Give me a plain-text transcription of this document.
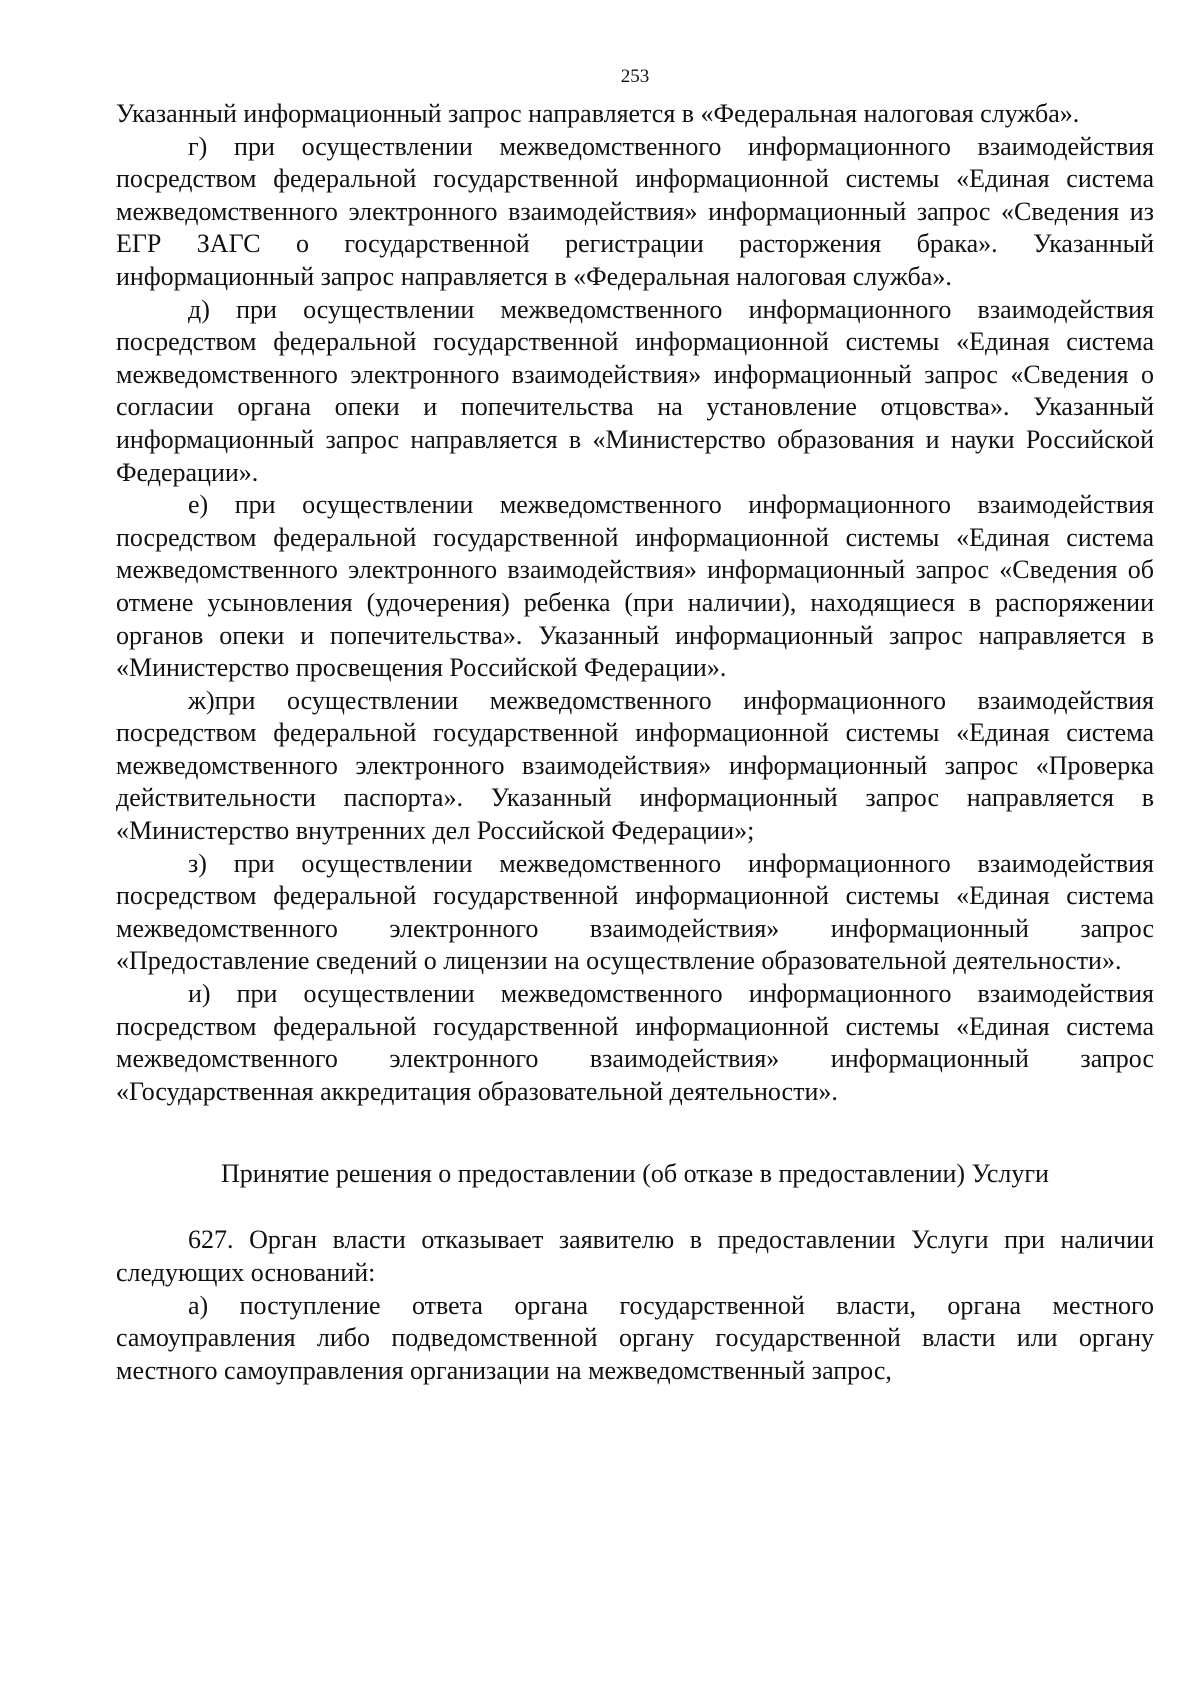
253

Указанный информационный запрос направляется в «Федеральная налоговая служба».

г) при осуществлении межведомственного информационного взаимодействия посредством федеральной государственной информационной системы «Единая система межведомственного электронного взаимодействия» информационный запрос «Сведения из ЕГР ЗАГС о государственной регистрации расторжения брака». Указанный информационный запрос направляется в «Федеральная налоговая служба».

д) при осуществлении межведомственного информационного взаимодействия посредством федеральной государственной информационной системы «Единая система межведомственного электронного взаимодействия» информационный запрос «Сведения о согласии органа опеки и попечительства на установление отцовства». Указанный информационный запрос направляется в «Министерство образования и науки Российской Федерации».

е) при осуществлении межведомственного информационного взаимодействия посредством федеральной государственной информационной системы «Единая система межведомственного электронного взаимодействия» информационный запрос «Сведения об отмене усыновления (удочерения) ребенка (при наличии), находящиеся в распоряжении органов опеки и попечительства». Указанный информационный запрос направляется в «Министерство просвещения Российской Федерации».

ж)при осуществлении межведомственного информационного взаимодействия посредством федеральной государственной информационной системы «Единая система межведомственного электронного взаимодействия» информационный запрос «Проверка действительности паспорта». Указанный информационный запрос направляется в «Министерство внутренних дел Российской Федерации»;

з) при осуществлении межведомственного информационного взаимодействия посредством федеральной государственной информационной системы «Единая система межведомственного электронного взаимодействия» информационный запрос «Предоставление сведений о лицензии на осуществление образовательной деятельности».

и) при осуществлении межведомственного информационного взаимодействия посредством федеральной государственной информационной системы «Единая система межведомственного электронного взаимодействия» информационный запрос «Государственная аккредитация образовательной деятельности».

Принятие решения о предоставлении (об отказе в предоставлении) Услуги

627. Орган власти отказывает заявителю в предоставлении Услуги при наличии следующих оснований:

а) поступление ответа органа государственной власти, органа местного самоуправления либо подведомственной органу государственной власти или органу местного самоуправления организации на межведомственный запрос,
